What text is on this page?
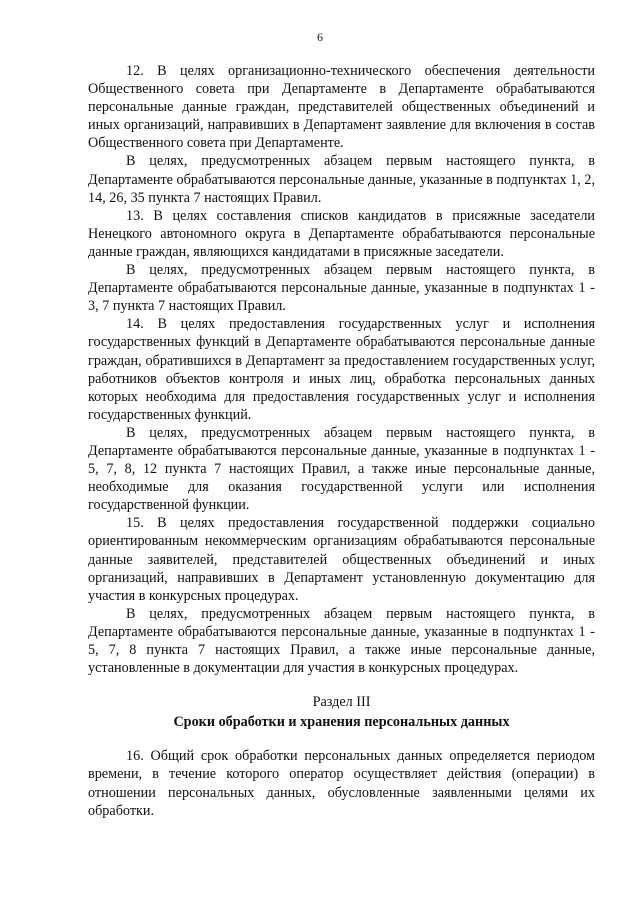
6

12. В целях организационно-технического обеспечения деятельности Общественного совета при Департаменте в Департаменте обрабатываются персональные данные граждан, представителей общественных объединений и иных организаций, направивших в Департамент заявление для включения в состав Общественного совета при Департаменте.

В целях, предусмотренных абзацем первым настоящего пункта, в Департаменте обрабатываются персональные данные, указанные в подпунктах 1, 2, 14, 26, 35 пункта 7 настоящих Правил.

13. В целях составления списков кандидатов в присяжные заседатели Ненецкого автономного округа в Департаменте обрабатываются персональные данные граждан, являющихся кандидатами в присяжные заседатели.

В целях, предусмотренных абзацем первым настоящего пункта, в Департаменте обрабатываются персональные данные, указанные в подпунктах 1 - 3, 7 пункта 7 настоящих Правил.

14. В целях предоставления государственных услуг и исполнения государственных функций в Департаменте обрабатываются персональные данные граждан, обратившихся в Департамент за предоставлением государственных услуг, работников объектов контроля и иных лиц, обработка персональных данных которых необходима для предоставления государственных услуг и исполнения государственных функций.

В целях, предусмотренных абзацем первым настоящего пункта, в Департаменте обрабатываются персональные данные, указанные в подпунктах 1 - 5, 7, 8, 12 пункта 7 настоящих Правил, а также иные персональные данные, необходимые для оказания государственной услуги или исполнения государственной функции.

15. В целях предоставления государственной поддержки социально ориентированным некоммерческим организациям обрабатываются персональные данные заявителей, представителей общественных объединений и иных организаций, направивших в Департамент установленную документацию для участия в конкурсных процедурах.

В целях, предусмотренных абзацем первым настоящего пункта, в Департаменте обрабатываются персональные данные, указанные в подпунктах 1 - 5, 7, 8 пункта 7 настоящих Правил, а также иные персональные данные, установленные в документации для участия в конкурсных процедурах.

Раздел III

Сроки обработки и хранения персональных данных

16. Общий срок обработки персональных данных определяется периодом времени, в течение которого оператор осуществляет действия (операции) в отношении персональных данных, обусловленные заявленными целями их обработки.
